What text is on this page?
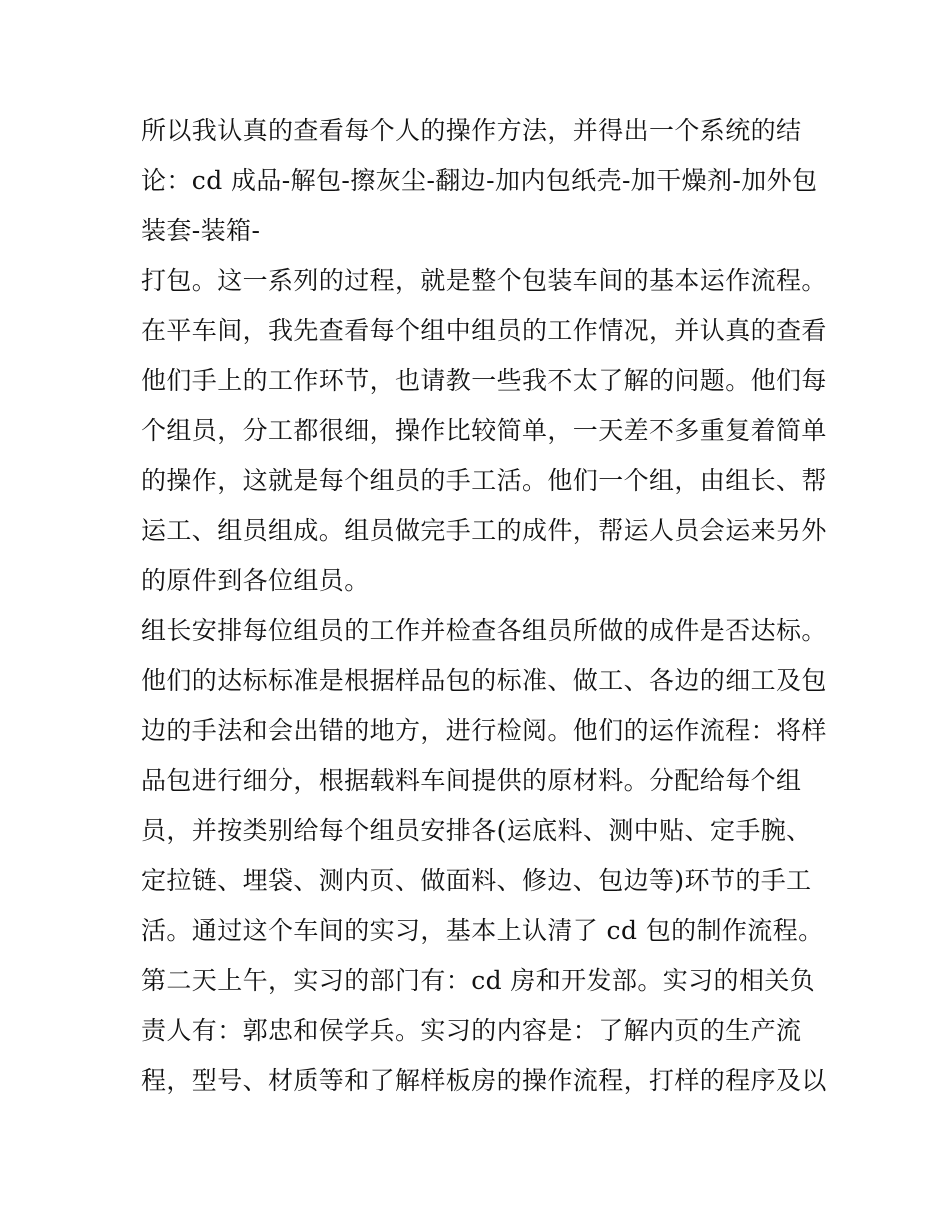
所以我认真的查看每个人的操作方法，并得出一个系统的结
论：cd 成品-解包-擦灰尘-翻边-加内包纸壳-加干燥剂-加外包
装套-装箱-
打包。这一系列的过程，就是整个包装车间的基本运作流程。
在平车间，我先查看每个组中组员的工作情况，并认真的查看
他们手上的工作环节，也请教一些我不太了解的问题。他们每
个组员，分工都很细，操作比较简单，一天差不多重复着简单
的操作，这就是每个组员的手工活。他们一个组，由组长、帮
运工、组员组成。组员做完手工的成件，帮运人员会运来另外
的原件到各位组员。
组长安排每位组员的工作并检查各组员所做的成件是否达标。
他们的达标标准是根据样品包的标准、做工、各边的细工及包
边的手法和会出错的地方，进行检阅。他们的运作流程：将样
品包进行细分，根据载料车间提供的原材料。分配给每个组
员，并按类别给每个组员安排各(运底料、测中贴、定手腕、
定拉链、埋袋、测内页、做面料、修边、包边等)环节的手工
活。通过这个车间的实习，基本上认清了 cd 包的制作流程。
第二天上午，实习的部门有：cd 房和开发部。实习的相关负
责人有：郭忠和侯学兵。实习的内容是：了解内页的生产流
程，型号、材质等和了解样板房的操作流程，打样的程序及以
